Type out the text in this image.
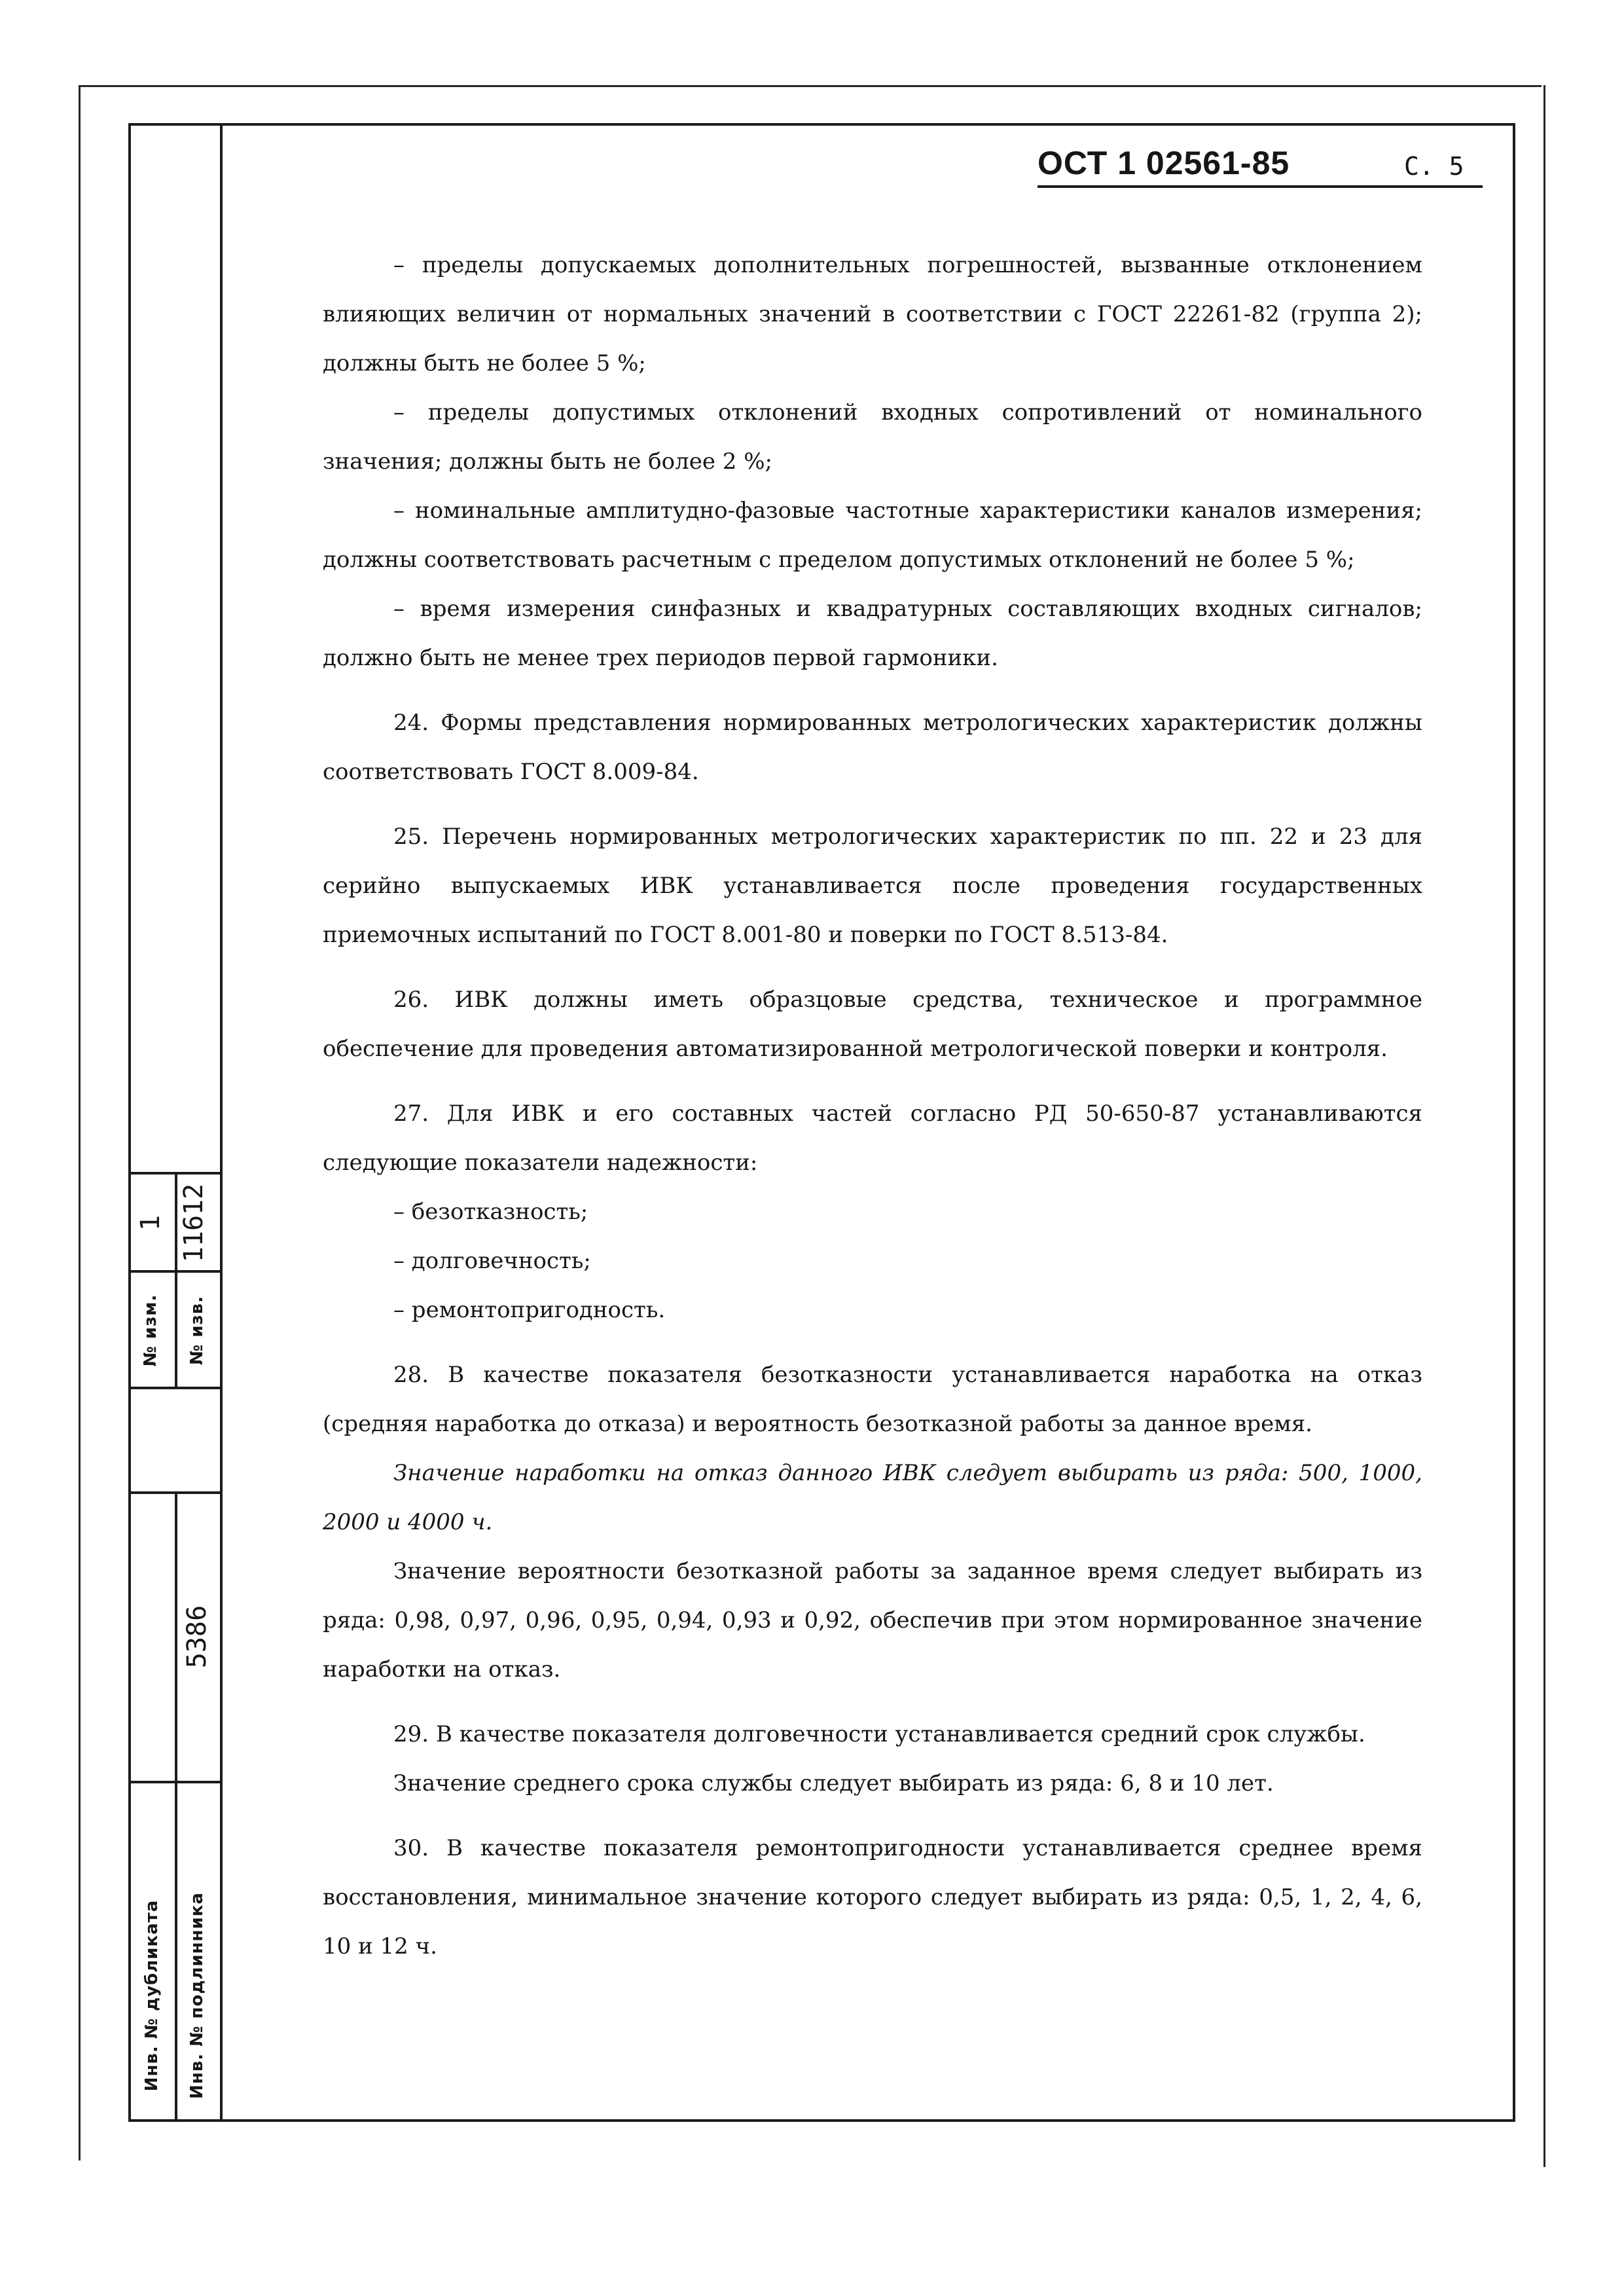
№ изм.
1
№ изв.
11612
Инв. № дубликата Инв. № подлинника
5386
ОСТ 1 02561-85	С. 5

– пределы допускаемых дополнительных погрешностей, вызванные отклонением влияющих величин от нормальных значений в соответствии с ГОСТ 22261-82 (группа 2); должны быть не более 5 %;

– пределы допустимых отклонений входных сопротивлений от номинального значения; должны быть не более 2 %;

– номинальные амплитудно-фазовые частотные характеристики каналов измерения; должны соответствовать расчетным с пределом допустимых отклонений не более 5 %;

– время измерения синфазных и квадратурных составляющих входных сигналов; должно быть не менее трех периодов первой гармоники.

24. Формы представления нормированных метрологических характеристик должны соответствовать ГОСТ 8.009-84.

25. Перечень нормированных метрологических характеристик по пп. 22 и 23 для серийно выпускаемых ИВК устанавливается после проведения государственных приемочных испытаний по ГОСТ 8.001-80 и поверки по ГОСТ 8.513-84.

26. ИВК должны иметь образцовые средства, техническое и программное обеспечение для проведения автоматизированной метрологической поверки и контроля.

27. Для ИВК и его составных частей согласно РД 50-650-87 устанавливаются следующие показатели надежности:

– безотказность;

– долговечность;

– ремонтопригодность.

28. В качестве показателя безотказности устанавливается наработка на отказ (средняя наработка до отказа) и вероятность безотказной работы за данное время.

Значение наработки на отказ данного ИВК следует выбирать из ряда: 500, 1000, 2000 и 4000 ч.

Значение вероятности безотказной работы за заданное время следует выбирать из ряда: 0,98, 0,97, 0,96, 0,95, 0,94, 0,93 и 0,92, обеспечив при этом нормированное значение наработки на отказ.

29. В качестве показателя долговечности устанавливается средний срок службы.

Значение среднего срока службы следует выбирать из ряда: 6, 8 и 10 лет.

30. В качестве показателя ремонтопригодности устанавливается среднее время восстановления, минимальное значение которого следует выбирать из ряда: 0,5, 1, 2, 4, 6, 10 и 12 ч.
